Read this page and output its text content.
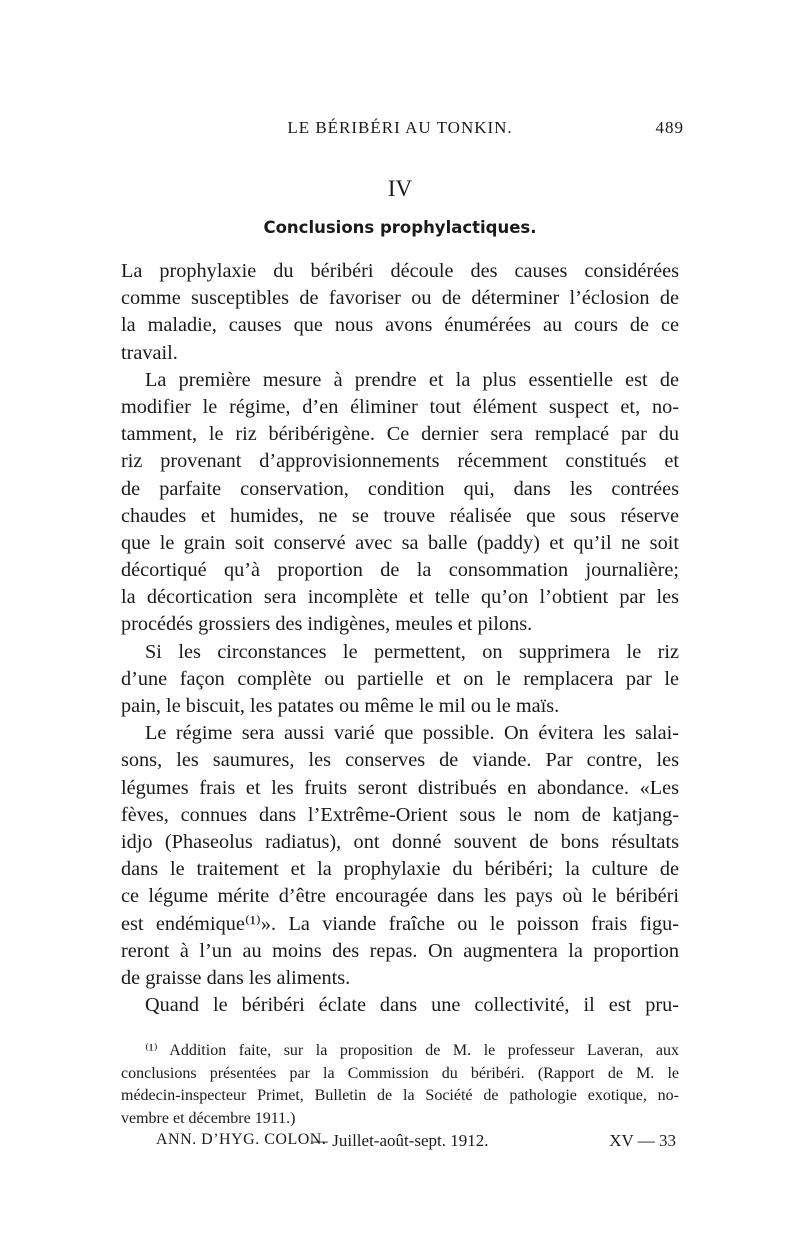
LE BÉRIBÉRI AU TONKIN.	489
IV
Conclusions prophylactiques.
La prophylaxie du béribéri découle des causes considérées
comme susceptibles de favoriser ou de déterminer l’éclosion de
la maladie, causes que nous avons énumérées au cours de ce
travail.
La première mesure à prendre et la plus essentielle est de
modifier le régime, d’en éliminer tout élément suspect et, no-
tamment, le riz béribérigène. Ce dernier sera remplacé par du
riz provenant d’approvisionnements récemment constitués et
de parfaite conservation, condition qui, dans les contrées
chaudes et humides, ne se trouve réalisée que sous réserve
que le grain soit conservé avec sa balle (paddy) et qu’il ne soit
décortiqué qu’à proportion de la consommation journalière;
la décortication sera incomplète et telle qu’on l’obtient par les
procédés grossiers des indigènes, meules et pilons.
Si les circonstances le permettent, on supprimera le riz
d’une façon complète ou partielle et on le remplacera par le
pain, le biscuit, les patates ou même le mil ou le maïs.
Le régime sera aussi varié que possible. On évitera les salai-
sons, les saumures, les conserves de viande. Par contre, les
légumes frais et les fruits seront distribués en abondance. «Les
fèves, connues dans l’Extrême-Orient sous le nom de katjang-
idjo (Phaseolus radiatus), ont donné souvent de bons résultats
dans le traitement et la prophylaxie du béribéri; la culture de
ce légume mérite d’être encouragée dans les pays où le béribéri
est endémique⁽¹⁾». La viande fraîche ou le poisson frais figu-
reront à l’un au moins des repas. On augmentera la proportion
de graisse dans les aliments.
Quand le béribéri éclate dans une collectivité, il est pru-
⁽¹⁾ Addition faite, sur la proposition de M. le professeur Laveran, aux
conclusions présentées par la Commission du béribéri. (Rapport de M. le
médecin-inspecteur Primet, Bulletin de la Société de pathologie exotique, no-
vembre et décembre 1911.)
ANN. D’HYG. COLON.
— Juillet-août-sept. 1912.	XV — 33
